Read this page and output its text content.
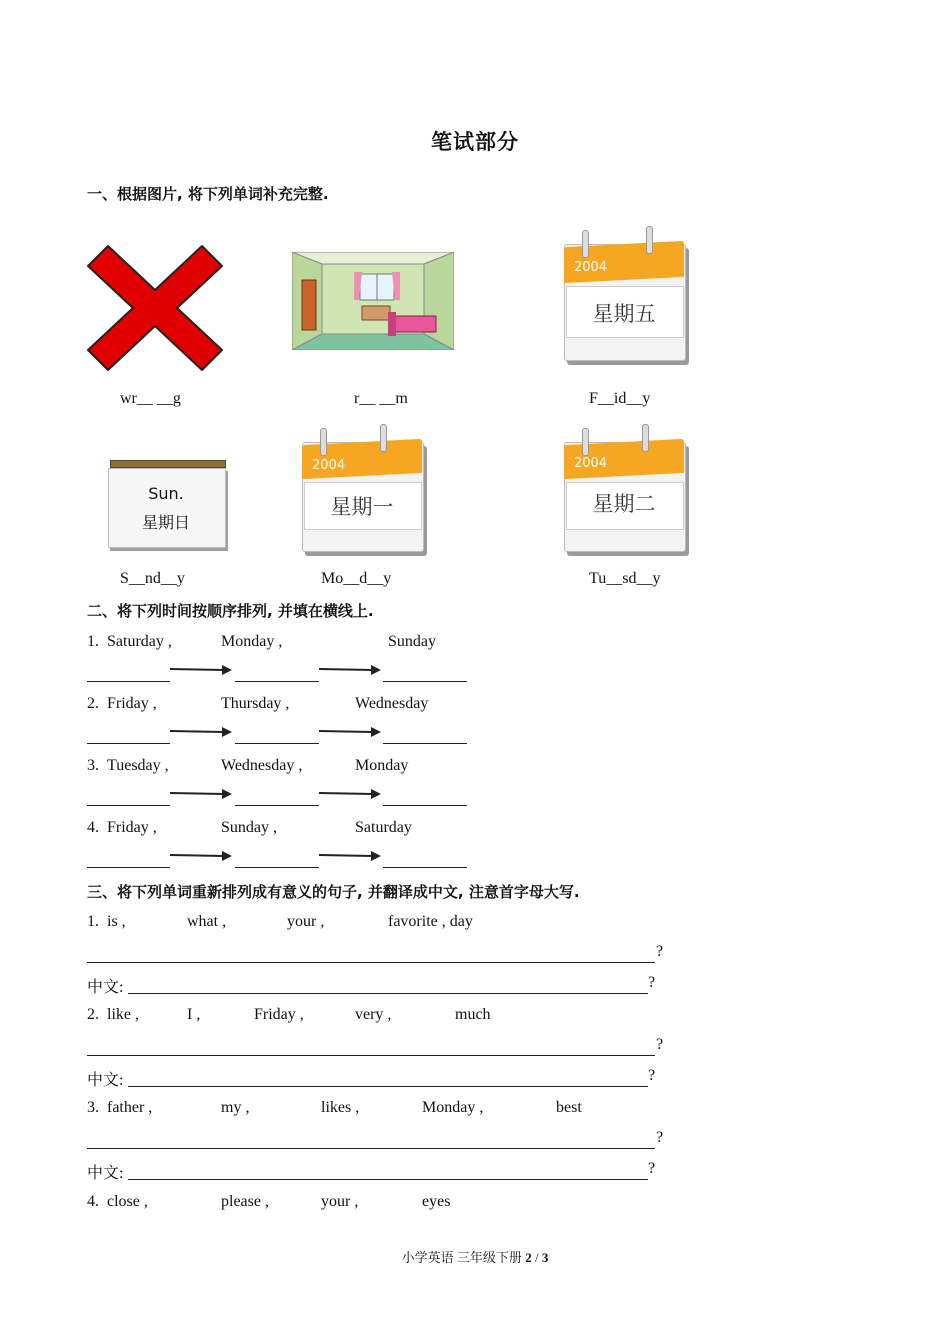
笔试部分
一、根据图片, 将下列单词补充完整.
2004
星期五
wr__ __g	r__ __m	F__id__y
Sun.
星期日
2004
星期一
2004
星期二
S__nd__y	Mo__d__y	Tu__sd__y
二、将下列时间按顺序排列, 并填在横线上.
1. Saturday ,	Monday ,	Sunday
2. Friday ,	Thursday ,	Wednesday
3. Tuesday ,	Wednesday ,	Monday
4. Friday ,	Sunday ,	Saturday
三、将下列单词重新排列成有意义的句子, 并翻译成中文, 注意首字母大写.
1. is ,	what ,	your ,	favorite , day
?
中文:	?
2. like ,	I ,	Friday ,	very ,	much
?
中文:	?
3. father ,	my ,	likes ,	Monday ,	best
?
中文:	?
4. close ,	please ,	your ,	eyes
小学英语 三年级下册 2 / 3
